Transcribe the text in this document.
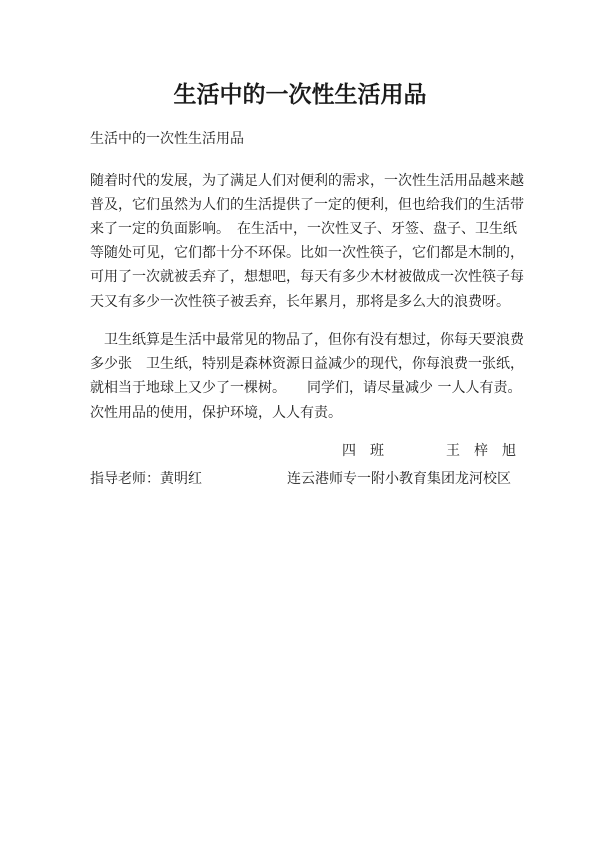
生活中的一次性生活用品

生活中的一次性生活用品

随着时代的发展，为了满足人们对便利的需求，一次性生活用品越来越

普及，它们虽然为人们的生活提供了一定的便利，但也给我们的生活带

来了一定的负面影响。　在生活中，一次性叉子、牙签、盘子、卫生纸

等随处可见，它们都十分不环保。比如一次性筷子，它们都是木制的，

可用了一次就被丢弃了，想想吧，每天有多少木材被做成一次性筷子每

天又有多少一次性筷子被丢弃，长年累月，那将是多么大的浪费呀。

　卫生纸算是生活中最常见的物品了，但你有没有想过，你每天要浪费

多少张　卫生纸，特别是森林资源日益减少的现代，你每浪费一张纸，

就相当于地球上又少了一棵树。　　同学们，请尽量减少 一人人有责。

次性用品的使用，保护环境，人人有责。

四　班	王　梓　旭

指导老师：黄明红	连云港师专一附小教育集团龙河校区
